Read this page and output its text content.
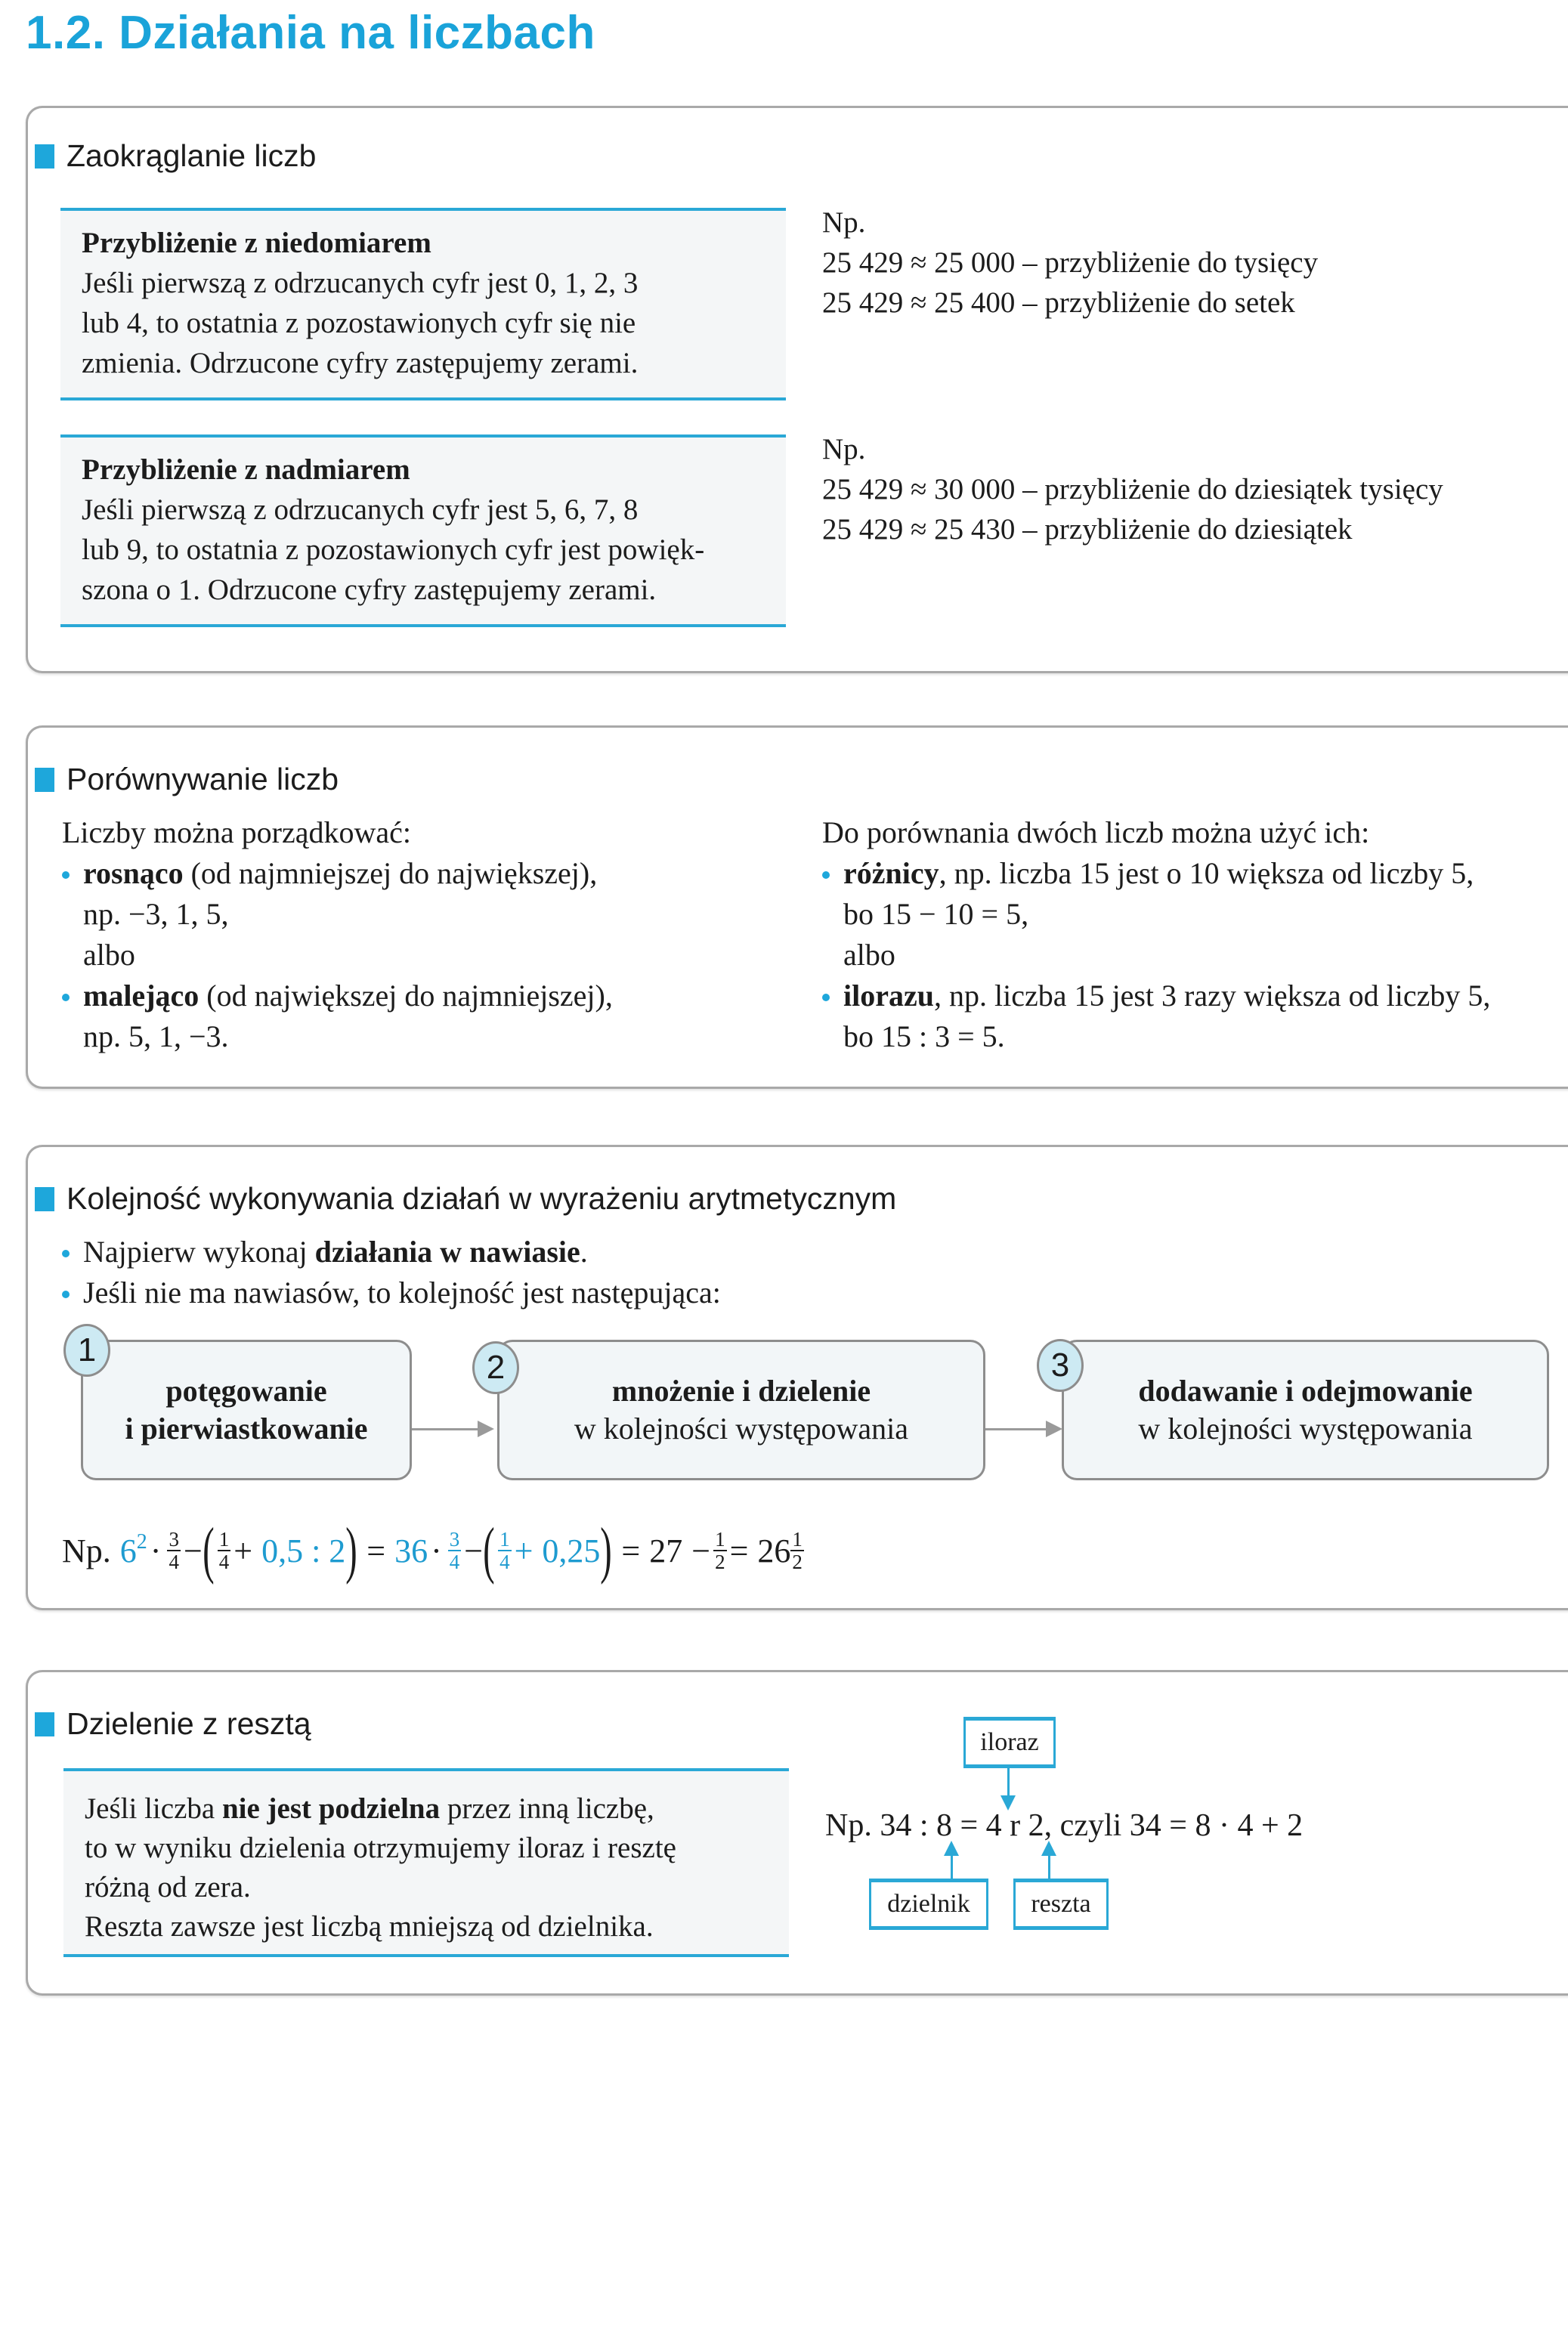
1.2. Działania na liczbach
Zaokrąglanie liczb
Przybliżenie z niedomiarem
Jeśli pierwszą z odrzucanych cyfr jest 0, 1, 2, 3
lub 4, to ostatnia z pozostawionych cyfr się nie
zmienia. Odrzucone cyfry zastępujemy zerami.
Np.
25 429 ≈ 25 000 – przybliżenie do tysięcy
25 429 ≈ 25 400 – przybliżenie do setek
Przybliżenie z nadmiarem
Jeśli pierwszą z odrzucanych cyfr jest 5, 6, 7, 8
lub 9, to ostatnia z pozostawionych cyfr jest powięk-
szona o 1. Odrzucone cyfry zastępujemy zerami.
Np.
25 429 ≈ 30 000 – przybliżenie do dziesiątek tysięcy
25 429 ≈ 25 430 – przybliżenie do dziesiątek
Porównywanie liczb
Liczby można porządkować:
rosnąco (od najmniejszej do największej),
np. −3, 1, 5,
albo
malejąco (od największej do najmniejszej),
np. 5, 1, −3.
Do porównania dwóch liczb można użyć ich:
różnicy, np. liczba 15 jest o 10 większa od liczby 5,
bo 15 − 10 = 5,
albo
ilorazu, np. liczba 15 jest 3 razy większa od liczby 5,
bo 15 : 3 = 5.
Kolejność wykonywania działań w wyrażeniu arytmetycznym
Najpierw wykonaj działania w nawiasie.
Jeśli nie ma nawiasów, to kolejność jest następująca:
potęgowanie
i pierwiastkowanie
1
mnożenie i dzielenie
w kolejności występowania
2
dodawanie i odejmowanie
w kolejności występowania
3
Np. $6^2 \cdot \frac{3}{4}$ − ( $\frac{1}{4} + 0,5$ : 2 ) = $36 \cdot \frac{3}{4}$ − ( $\frac{1}{4} + 0,25$ ) = $27 - \frac{1}{2} = 26 \frac{1}{2}$
Dzielenie z resztą
Jeśli liczba nie jest podzielna przez inną liczbę,
to w wyniku dzielenia otrzymujemy iloraz i resztę
różną od zera.
Reszta zawsze jest liczbą mniejszą od dzielnika.
iloraz
Np. 34 : 8 = 4 r 2, czyli 34 = 8 · 4 + 2
dzielnik	reszta
